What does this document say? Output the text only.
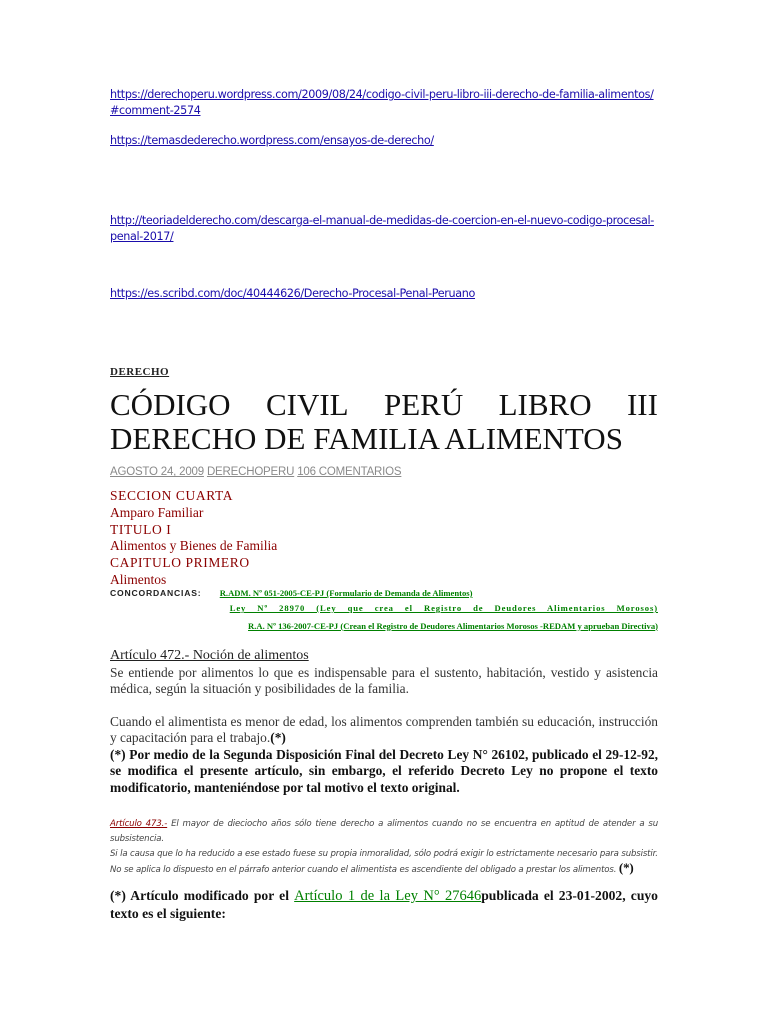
https://derechoperu.wordpress.com/2009/08/24/codigo-civil-peru-libro-iii-derecho-de-familia-alimentos/#comment-2574
https://temasdederecho.wordpress.com/ensayos-de-derecho/
http://teoriadelderecho.com/descarga-el-manual-de-medidas-de-coercion-en-el-nuevo-codigo-procesal-penal-2017/
https://es.scribd.com/doc/40444626/Derecho-Procesal-Penal-Peruano
DERECHO
CÓDIGO CIVIL PERÚ LIBRO III
DERECHO DE FAMILIA ALIMENTOS
AGOSTO 24, 2009 DERECHOPERU 106 COMENTARIOS
SECCION CUARTA
Amparo Familiar
TITULO I
Alimentos y Bienes de Familia
CAPITULO PRIMERO
Alimentos
CONCORDANCIAS: R.ADM. Nº 051-2005-CE-PJ (Formulario de Demanda de Alimentos)
Ley Nº 28970 (Ley que crea el Registro de Deudores Alimentarios Morosos)
R.A. Nº 136-2007-CE-PJ (Crean el Registro de Deudores Alimentarios Morosos -REDAM y aprueban Directiva)
Artículo 472.- Noción de alimentos
Se entiende por alimentos lo que es indispensable para el sustento, habitación, vestido y asistencia médica, según la situación y posibilidades de la familia.
Cuando el alimentista es menor de edad, los alimentos comprenden también su educación, instrucción y capacitación para el trabajo.(*)
(*) Por medio de la Segunda Disposición Final del Decreto Ley N° 26102, publicado el 29-12-92, se modifica el presente artículo, sin embargo, el referido Decreto Ley no propone el texto modificatorio, manteniéndose por tal motivo el texto original.
Artículo 473.- El mayor de dieciocho años sólo tiene derecho a alimentos cuando no se encuentra en aptitud de atender a su subsistencia.
Si la causa que lo ha reducido a ese estado fuese su propia inmoralidad, sólo podrá exigir lo estrictamente necesario para subsistir.
No se aplica lo dispuesto en el párrafo anterior cuando el alimentista es ascendiente del obligado a prestar los alimentos. (*)
(*) Artículo modificado por el Artículo 1 de la Ley N° 27646publicada el 23-01-2002, cuyo texto es el siguiente:
